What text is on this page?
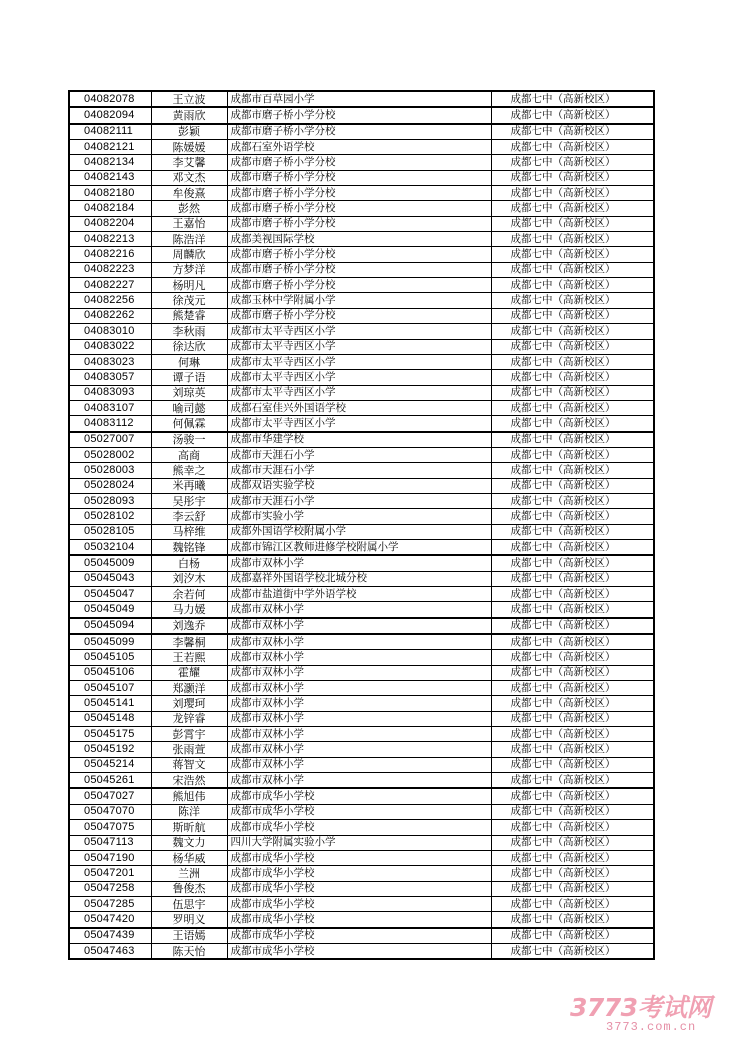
04082078	王立波	成都市百草园小学	成都七中（高新校区）
04082094	黄雨欣	成都市磨子桥小学分校	成都七中（高新校区）
04082111	彭颖	成都市磨子桥小学分校	成都七中（高新校区）
04082121	陈媛媛	成都石室外语学校	成都七中（高新校区）
04082134	李艾馨	成都市磨子桥小学分校	成都七中（高新校区）
04082143	邓文杰	成都市磨子桥小学分校	成都七中（高新校区）
04082180	牟俊熹	成都市磨子桥小学分校	成都七中（高新校区）
04082184	彭然	成都市磨子桥小学分校	成都七中（高新校区）
04082204	王嘉怡	成都市磨子桥小学分校	成都七中（高新校区）
04082213	陈浩洋	成都美视国际学校	成都七中（高新校区）
04082216	周麟欣	成都市磨子桥小学分校	成都七中（高新校区）
04082223	方梦洋	成都市磨子桥小学分校	成都七中（高新校区）
04082227	杨明凡	成都市磨子桥小学分校	成都七中（高新校区）
04082256	徐茂元	成都玉林中学附属小学	成都七中（高新校区）
04082262	熊楚睿	成都市磨子桥小学分校	成都七中（高新校区）
04083010	李秋雨	成都市太平寺西区小学	成都七中（高新校区）
04083022	徐达欣	成都市太平寺西区小学	成都七中（高新校区）
04083023	何琳	成都市太平寺西区小学	成都七中（高新校区）
04083057	谭子语	成都市太平寺西区小学	成都七中（高新校区）
04083093	刘琼英	成都市太平寺西区小学	成都七中（高新校区）
04083107	喻司懿	成都石室佳兴外国语学校	成都七中（高新校区）
04083112	何佩霖	成都市太平寺西区小学	成都七中（高新校区）
05027007	汤骏一	成都市华建学校	成都七中（高新校区）
05028002	高商	成都市天涯石小学	成都七中（高新校区）
05028003	熊幸之	成都市天涯石小学	成都七中（高新校区）
05028024	米再曦	成都双语实验学校	成都七中（高新校区）
05028093	吴彤宇	成都市天涯石小学	成都七中（高新校区）
05028102	李云舒	成都市实验小学	成都七中（高新校区）
05028105	马梓维	成都外国语学校附属小学	成都七中（高新校区）
05032104	魏铭锋	成都市锦江区教师进修学校附属小学	成都七中（高新校区）
05045009	白杨	成都市双林小学	成都七中（高新校区）
05045043	刘汐木	成都嘉祥外国语学校北城分校	成都七中（高新校区）
05045047	余若何	成都市盐道街中学外语学校	成都七中（高新校区）
05045049	马力媛	成都市双林小学	成都七中（高新校区）
05045094	刘逸乔	成都市双林小学	成都七中（高新校区）
05045099	李馨桐	成都市双林小学	成都七中（高新校区）
05045105	王若熙	成都市双林小学	成都七中（高新校区）
05045106	霍耀	成都市双林小学	成都七中（高新校区）
05045107	郑灏洋	成都市双林小学	成都七中（高新校区）
05045141	刘璎珂	成都市双林小学	成都七中（高新校区）
05045148	龙锌睿	成都市双林小学	成都七中（高新校区）
05045175	彭霄宇	成都市双林小学	成都七中（高新校区）
05045192	张雨萱	成都市双林小学	成都七中（高新校区）
05045214	蒋智文	成都市双林小学	成都七中（高新校区）
05045261	宋浩然	成都市双林小学	成都七中（高新校区）
05047027	熊旭伟	成都市成华小学校	成都七中（高新校区）
05047070	陈洋	成都市成华小学校	成都七中（高新校区）
05047075	斯昕航	成都市成华小学校	成都七中（高新校区）
05047113	魏文力	四川大学附属实验小学	成都七中（高新校区）
05047190	杨华威	成都市成华小学校	成都七中（高新校区）
05047201	兰洲	成都市成华小学校	成都七中（高新校区）
05047258	鲁俊杰	成都市成华小学校	成都七中（高新校区）
05047285	伍思宇	成都市成华小学校	成都七中（高新校区）
05047420	罗明义	成都市成华小学校	成都七中（高新校区）
05047439	王语嫣	成都市成华小学校	成都七中（高新校区）
05047463	陈天怡	成都市成华小学校	成都七中（高新校区）
3773考试网
3773.com.cn
